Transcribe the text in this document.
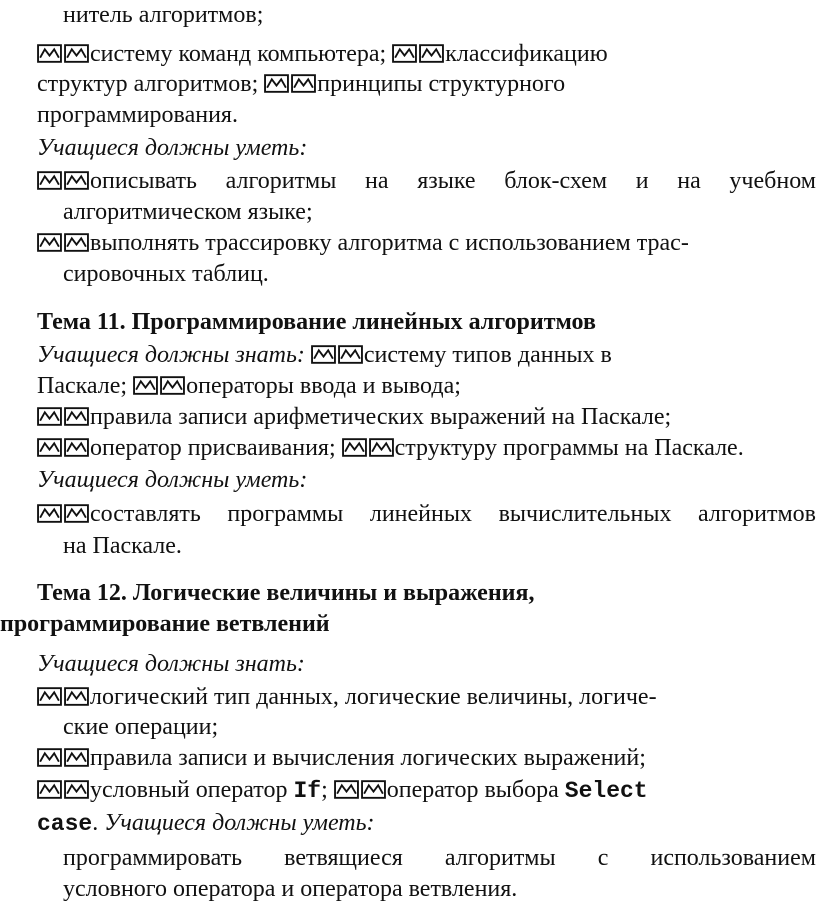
нитель алгоритмов;
систему команд компьютера; классификацию
структур алгоритмов; принципы структурного
программирования.
Учащиеся должны уметь:
описывать алгоритмы на языке блок-схем и на учебном
алгоритмическом языке;
выполнять трассировку алгоритма с использованием трас-
сировочных таблиц.
Тема 11. Программирование линейных алгоритмов
Учащиеся должны знать: систему типов данных в
Паскале; операторы ввода и вывода;
правила записи арифметических выражений на Паскале;
оператор присваивания; структуру программы на Паскале.
Учащиеся должны уметь:
составлять программы линейных вычислительных алгоритмов
на Паскале.
Тема 12. Логические величины и выражения,
программирование ветвлений
Учащиеся должны знать:
логический тип данных, логические величины, логиче-
ские операции;
правила записи и вычисления логических выражений;
условный оператор If; оператор выбора Select
case. Учащиеся должны уметь:
программировать ветвящиеся алгоритмы с использованием
условного оператора и оператора ветвления.
